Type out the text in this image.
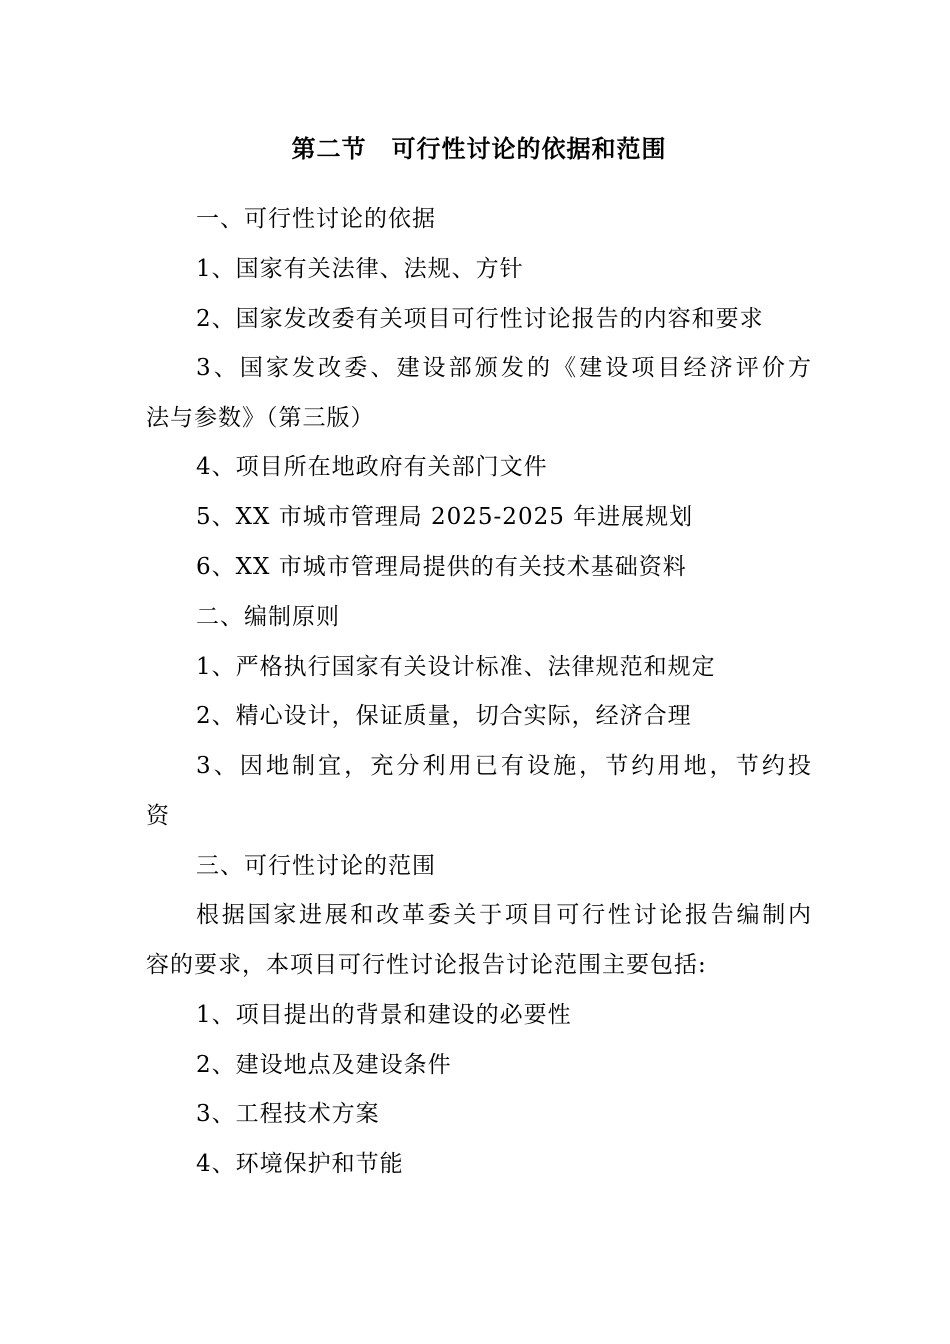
第二节　可行性讨论的依据和范围
一、可行性讨论的依据
1、国家有关法律、法规、方针
2、国家发改委有关项目可行性讨论报告的内容和要求
3、国家发改委、建设部颁发的《建设项目经济评价方
法与参数》（第三版）
4、项目所在地政府有关部门文件
5、XX 市城市管理局 2025-2025 年进展规划
6、XX 市城市管理局提供的有关技术基础资料
二、编制原则
1、严格执行国家有关设计标准、法律规范和规定
2、精心设计，保证质量，切合实际，经济合理
3、因地制宜，充分利用已有设施，节约用地，节约投
资
三、可行性讨论的范围
根据国家进展和改革委关于项目可行性讨论报告编制内
容的要求，本项目可行性讨论报告讨论范围主要包括:
1、项目提出的背景和建设的必要性
2、建设地点及建设条件
3、工程技术方案
4、环境保护和节能
